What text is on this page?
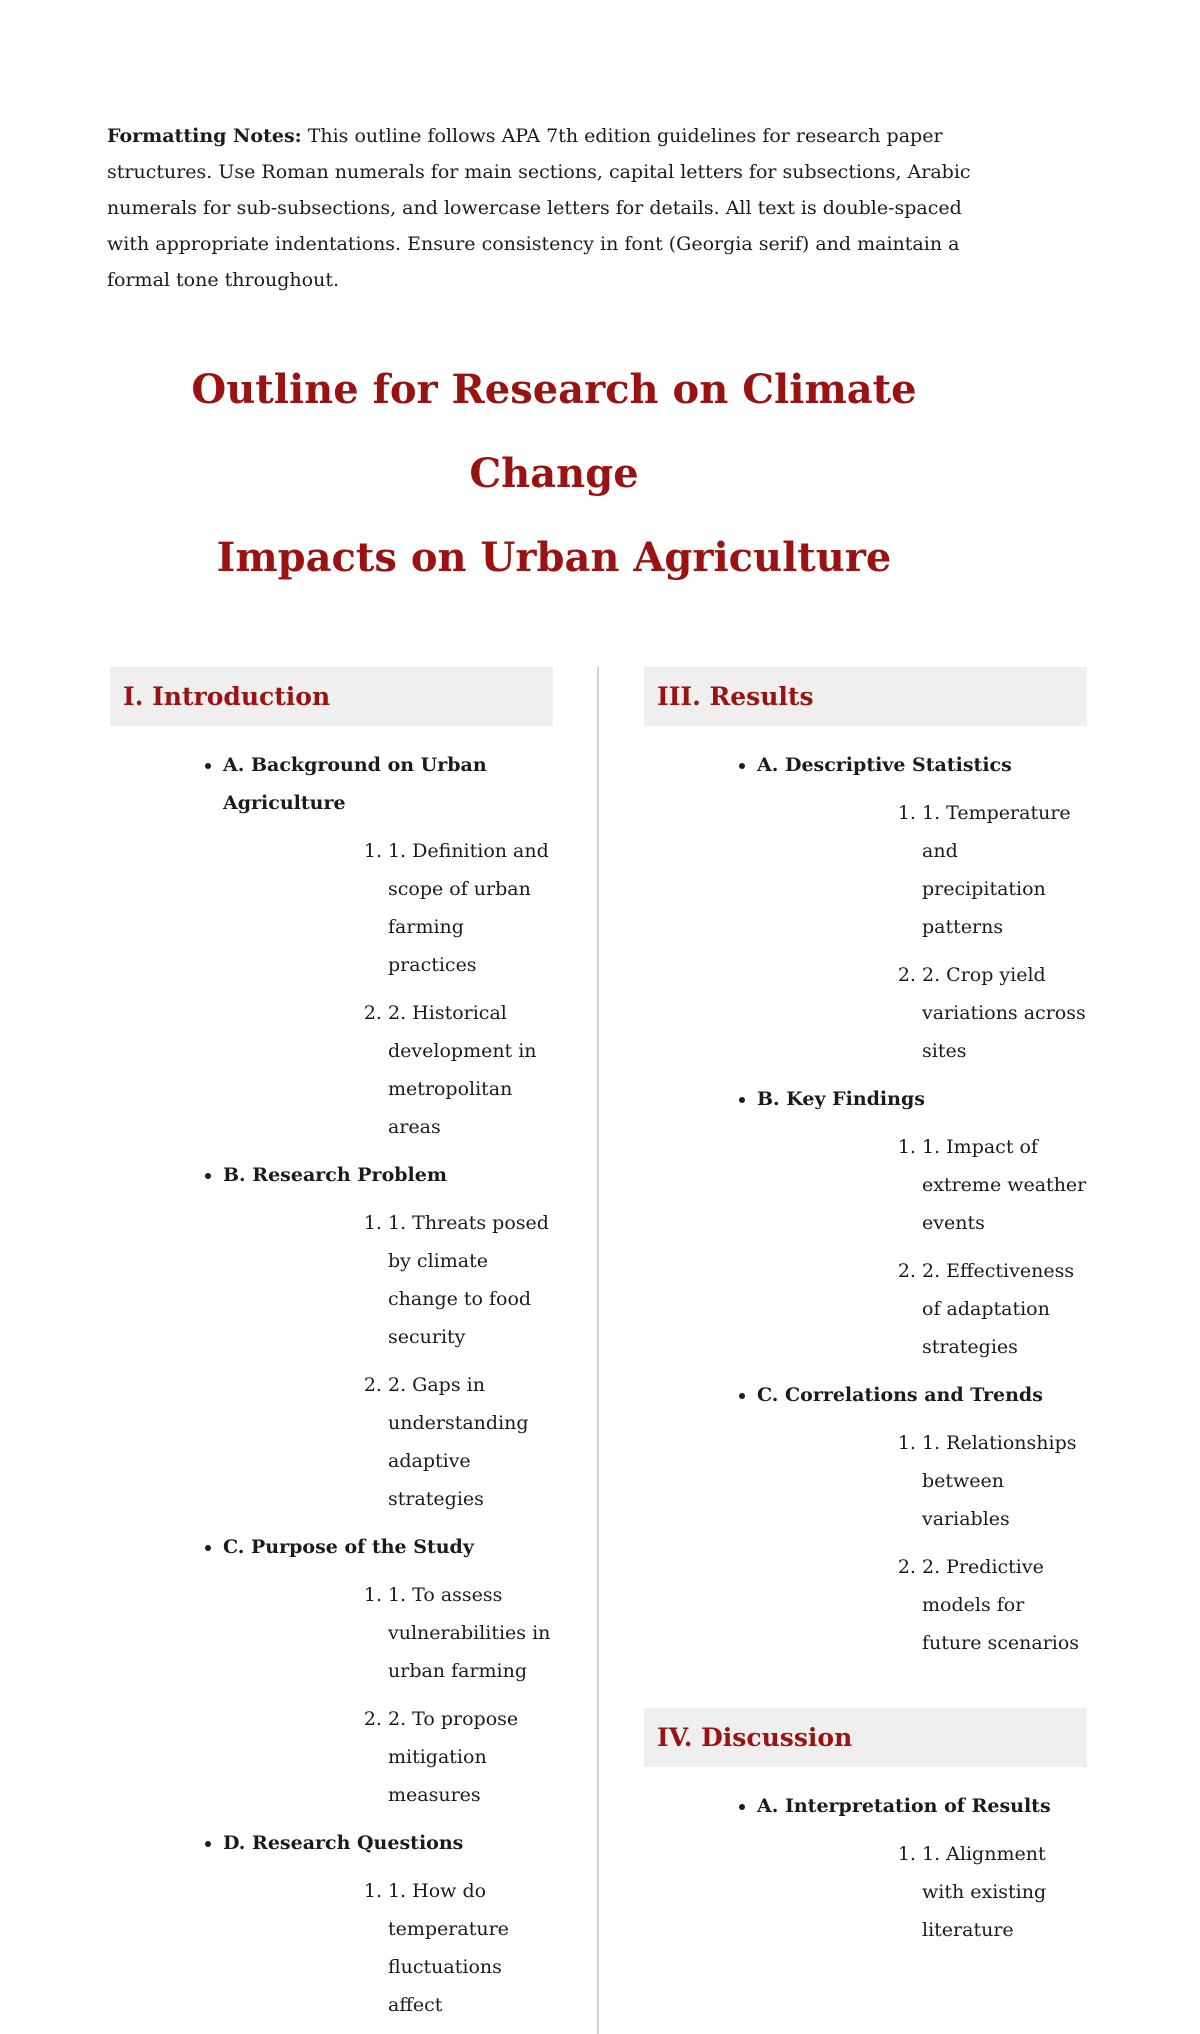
Formatting Notes: This outline follows APA 7th edition guidelines for research paper structures. Use Roman numerals for main sections, capital letters for subsections, Arabic numerals for sub-subsections, and lowercase letters for details. All text is double-spaced with appropriate indentations. Ensure consistency in font (Georgia serif) and maintain a formal tone throughout.

Outline for Research on Climate Change
Impacts on Urban Agriculture
I. Introduction
• A. Background on Urban Agriculture
1. 1. Definition and scope of urban farming practices
2. 2. Historical development in metropolitan areas
• B. Research Problem
1. 1. Threats posed by climate change to food security
2. 2. Gaps in understanding adaptive strategies
• C. Purpose of the Study
1. 1. To assess vulnerabilities in urban farming
2. 2. To propose mitigation measures
• D. Research Questions
1. 1. How do temperature fluctuations affect
III. Results
• A. Descriptive Statistics
1. 1. Temperature and precipitation patterns
2. 2. Crop yield variations across sites
• B. Key Findings
1. 1. Impact of extreme weather events
2. 2. Effectiveness of adaptation strategies
• C. Correlations and Trends
1. 1. Relationships between variables
2. 2. Predictive models for future scenarios
IV. Discussion
• A. Interpretation of Results
1. 1. Alignment with existing literature
